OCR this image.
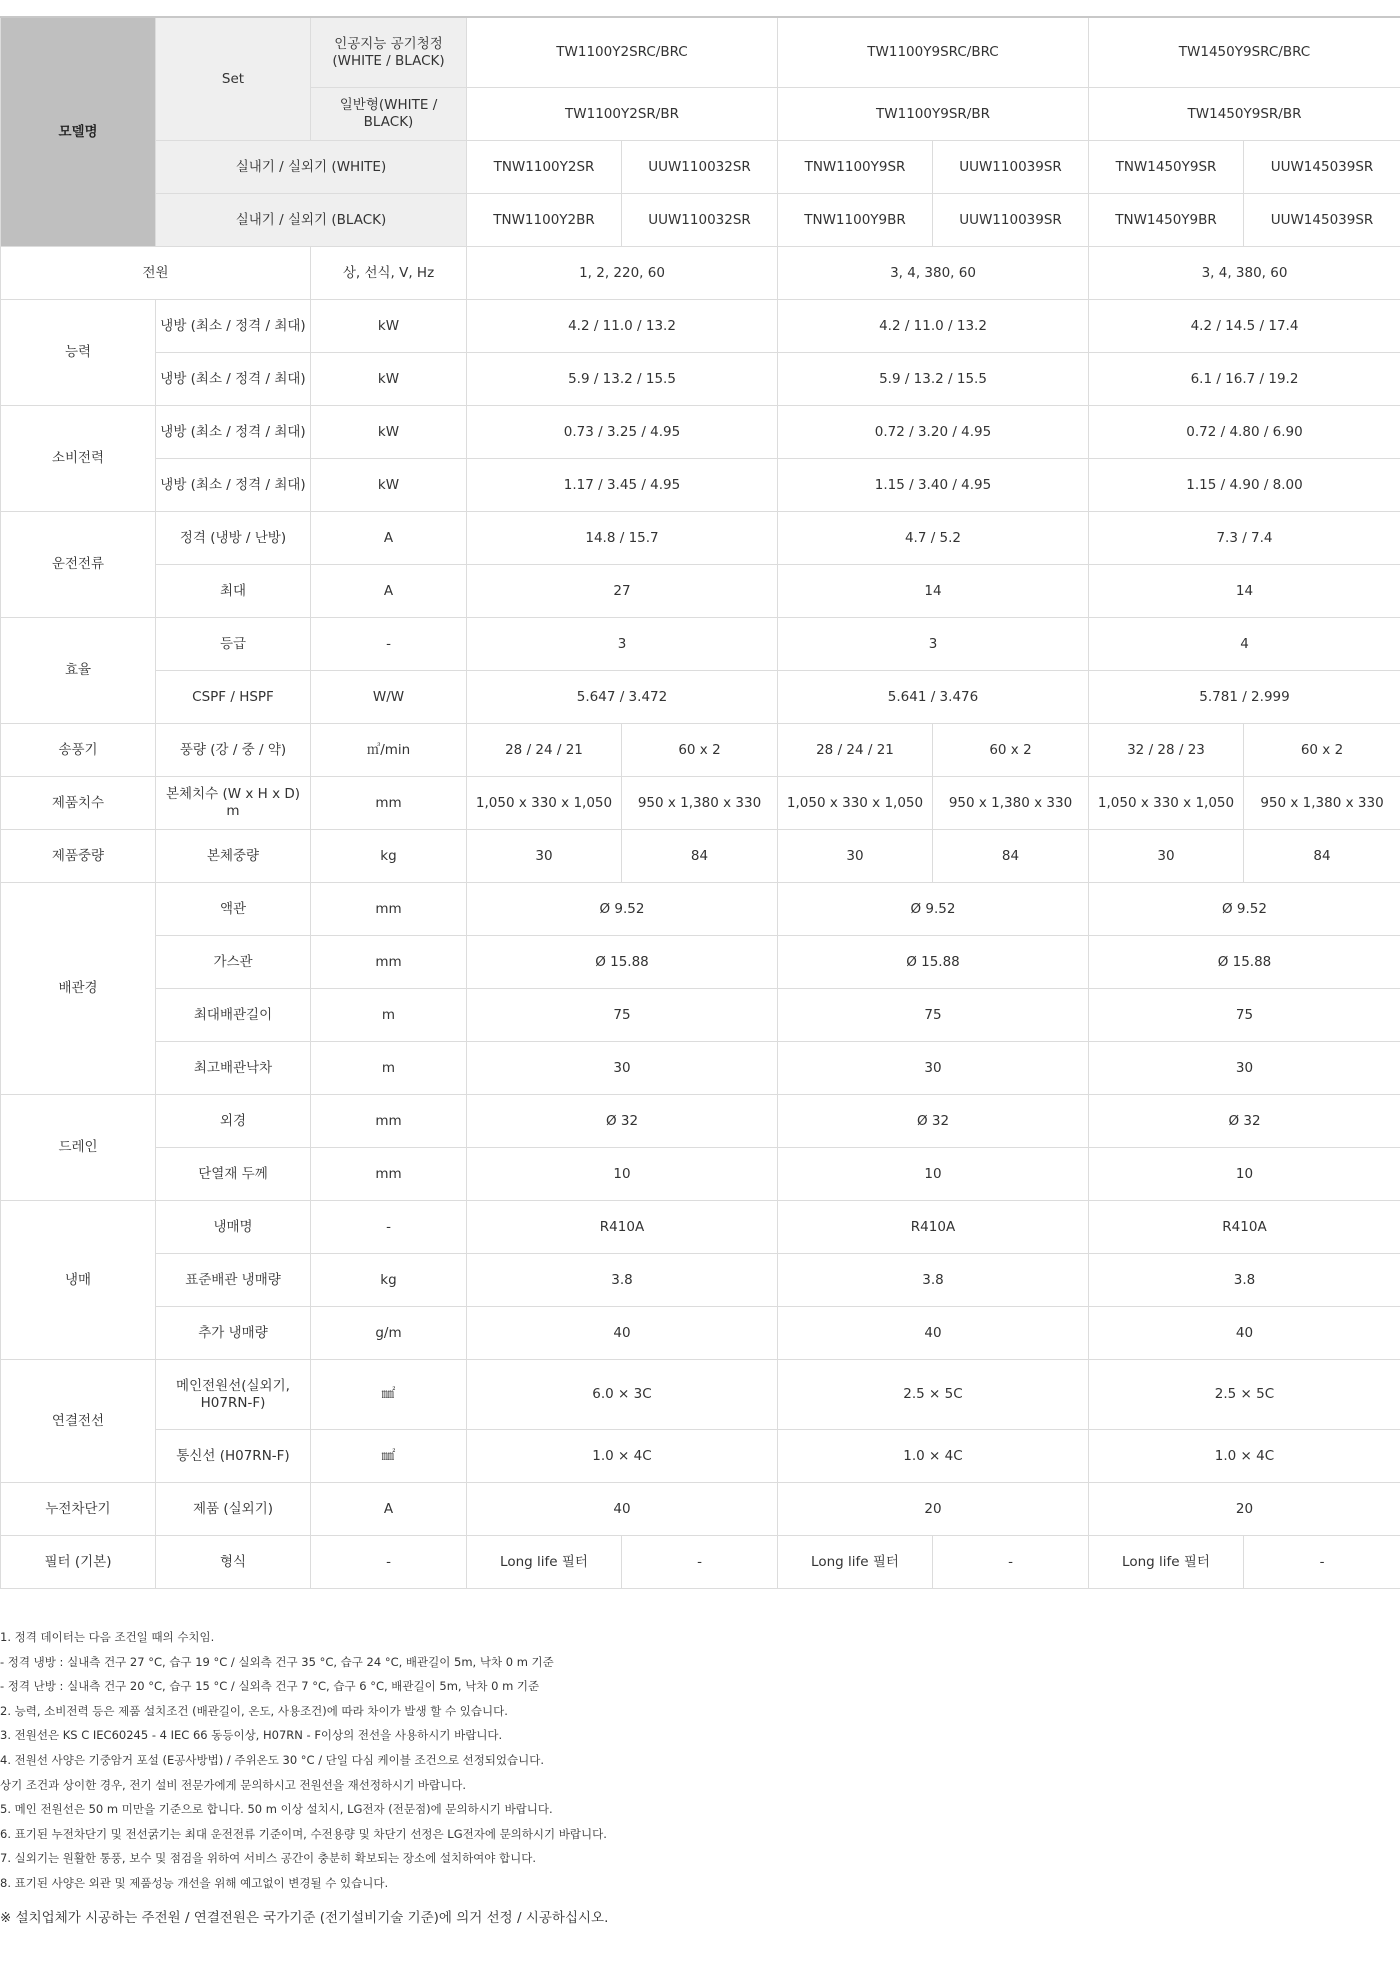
모델명	Set	인공지능 공기청정 (WHITE / BLACK)	TW1100Y2SRC/BRC		TW1100Y9SRC/BRC		TW1450Y9SRC/BRC	
		일반형(WHITE / BLACK)	TW1100Y2SR/BR		TW1100Y9SR/BR		TW1450Y9SR/BR	
	실내기 / 실외기 (WHITE)		TNW1100Y2SR	UUW110032SR	TNW1100Y9SR	UUW110039SR	TNW1450Y9SR	UUW145039SR
	실내기 / 실외기 (BLACK)		TNW1100Y2BR	UUW110032SR	TNW1100Y9BR	UUW110039SR	TNW1450Y9BR	UUW145039SR
전원		상, 선식, V, Hz	1, 2, 220, 60		3, 4, 380, 60		3, 4, 380, 60	
능력	냉방 (최소 / 정격 / 최대)	kW	4.2 / 11.0 / 13.2		4.2 / 11.0 / 13.2		4.2 / 14.5 / 17.4	
	냉방 (최소 / 정격 / 최대)	kW	5.9 / 13.2 / 15.5		5.9 / 13.2 / 15.5		6.1 / 16.7 / 19.2	
소비전력	냉방 (최소 / 정격 / 최대)	kW	0.73 / 3.25 / 4.95		0.72 / 3.20 / 4.95		0.72 / 4.80 / 6.90	
	냉방 (최소 / 정격 / 최대)	kW	1.17 / 3.45 / 4.95		1.15 / 3.40 / 4.95		1.15 / 4.90 / 8.00	
운전전류	정격 (냉방 / 난방)	A	14.8 / 15.7		4.7 / 5.2		7.3 / 7.4	
	최대	A	27		14		14	
효율	등급	-	3		3		4	
	CSPF / HSPF	W/W	5.647 / 3.472		5.641 / 3.476		5.781 / 2.999	
송풍기	풍량 (강 / 중 / 약)	㎥/min	28 / 24 / 21	60 x 2	28 / 24 / 21	60 x 2	32 / 28 / 23	60 x 2
제품치수	본체치수 (W x H x D) m	mm	1,050 x 330 x 1,050	950 x 1,380 x 330	1,050 x 330 x 1,050	950 x 1,380 x 330	1,050 x 330 x 1,050	950 x 1,380 x 330
제품중량	본체중량	kg	30	84	30	84	30	84
배관경	액관	mm	Ø 9.52		Ø 9.52		Ø 9.52	
	가스관	mm	Ø 15.88		Ø 15.88		Ø 15.88	
	최대배관길이	m	75		75		75	
	최고배관낙차	m	30		30		30	
드레인	외경	mm	Ø 32		Ø 32		Ø 32	
	단열재 두께	mm	10		10		10	
냉매	냉매명	-	R410A		R410A		R410A	
	표준배관 냉매량	kg	3.8		3.8		3.8	
	추가 냉매량	g/m	40		40		40	
연결전선	메인전원선(실외기, H07RN-F)	㎟	6.0 × 3C		2.5 × 5C		2.5 × 5C	
	통신선 (H07RN-F)	㎟	1.0 × 4C		1.0 × 4C		1.0 × 4C	
누전차단기	제품 (실외기)	A	40		20		20	
필터 (기본)	형식	-	Long life 필터	-	Long life 필터	-	Long life 필터	-

1. 정격 데이터는 다음 조건일 때의 수치임.

- 정격 냉방 : 실내측 건구 27 °C, 습구 19 °C / 실외측 건구 35 °C, 습구 24 °C, 배관길이 5m, 낙차 0 m 기준

- 정격 난방 : 실내측 건구 20 °C, 습구 15 °C / 실외측 건구 7 °C, 습구 6 °C, 배관길이 5m, 낙차 0 m 기준

2. 능력, 소비전력 등은 제품 설치조건 (배관길이, 온도, 사용조건)에 따라 차이가 발생 할 수 있습니다.

3. 전원선은 KS C IEC60245 - 4 IEC 66 동등이상, H07RN - F이상의 전선을 사용하시기 바랍니다.

4. 전원선 사양은 기중암거 포설 (E공사방법) / 주위온도 30 °C / 단일 다심 케이블 조건으로 선정되었습니다.

상기 조건과 상이한 경우, 전기 설비 전문가에게 문의하시고 전원선을 재선정하시기 바랍니다.

5. 메인 전원선은 50 m 미만을 기준으로 합니다. 50 m 이상 설치시, LG전자 (전문점)에 문의하시기 바랍니다.

6. 표기된 누전차단기 및 전선굵기는 최대 운전전류 기준이며, 수전용량 및 차단기 선정은 LG전자에 문의하시기 바랍니다.

7. 실외기는 원활한 통풍, 보수 및 점검을 위하여 서비스 공간이 충분히 확보되는 장소에 설치하여야 합니다.

8. 표기된 사양은 외관 및 제품성능 개선을 위해 예고없이 변경될 수 있습니다.

※ 설치업체가 시공하는 주전원 / 연결전원은 국가기준 (전기설비기술 기준)에 의거 선정 / 시공하십시오.
